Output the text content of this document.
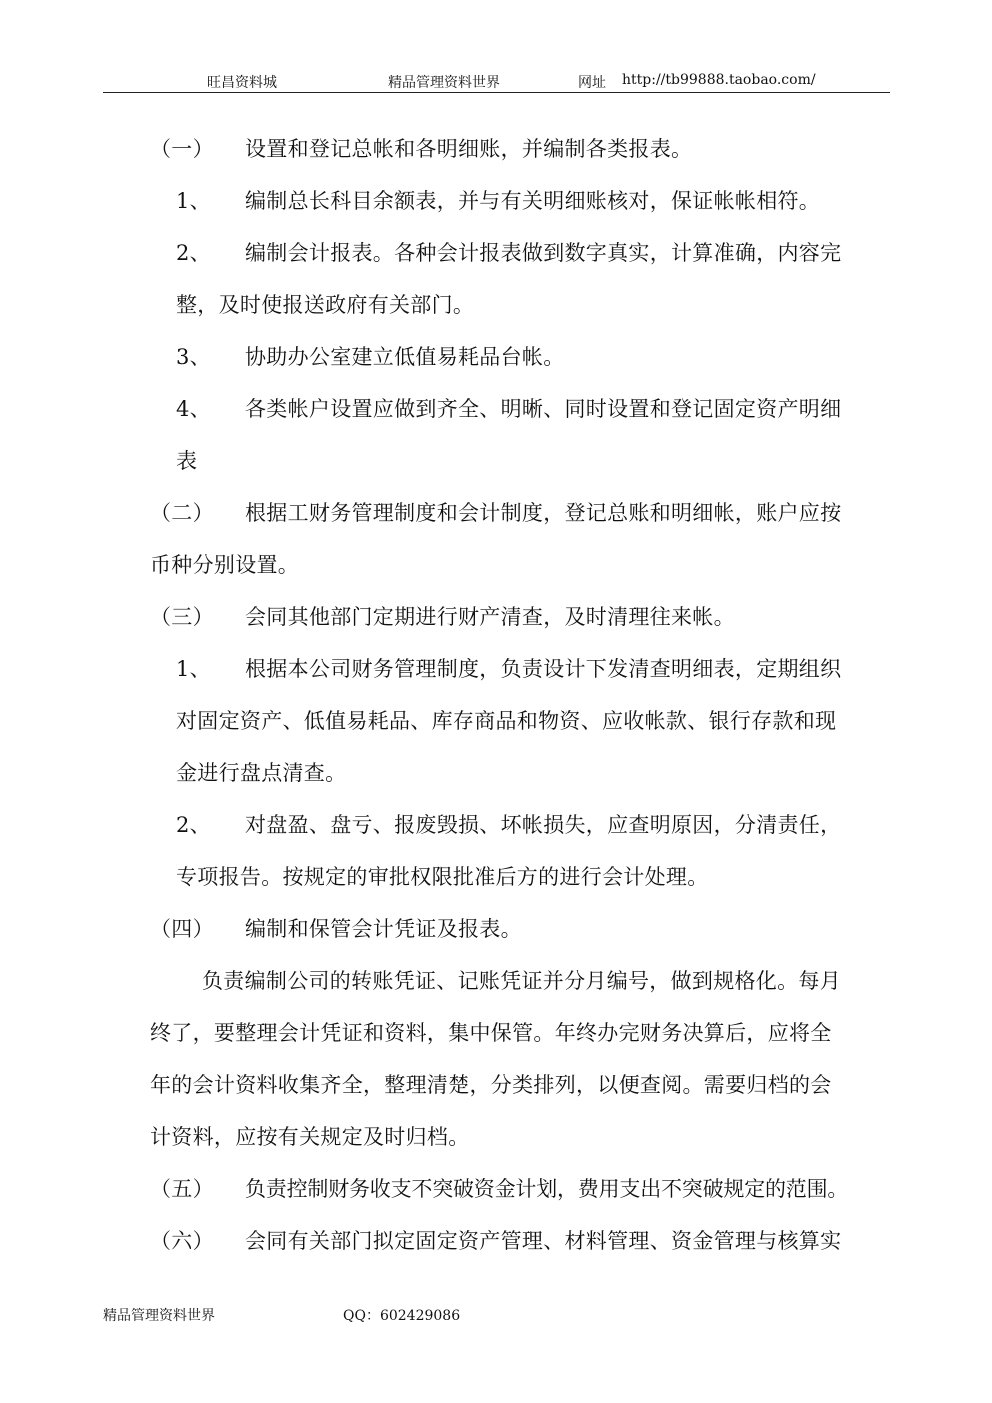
旺昌资料城	精品管理资料世界	网址 http://tb99888.taobao.com/
（一） 设置和登记总帐和各明细账，并编制各类报表。
1、 编制总长科目余额表，并与有关明细账核对，保证帐帐相符。
2、 编制会计报表。各种会计报表做到数字真实，计算准确，内容完
整，及时使报送政府有关部门。
3、 协助办公室建立低值易耗品台帐。
4、 各类帐户设置应做到齐全、明晰、同时设置和登记固定资产明细
表
（二） 根据工财务管理制度和会计制度，登记总账和明细帐，账户应按
币种分别设置。
（三） 会同其他部门定期进行财产清查，及时清理往来帐。
1、 根据本公司财务管理制度，负责设计下发清查明细表，定期组织
对固定资产、低值易耗品、库存商品和物资、应收帐款、银行存款和现
金进行盘点清查。
2、 对盘盈、盘亏、报废毁损、坏帐损失，应查明原因，分清责任，
专项报告。按规定的审批权限批准后方的进行会计处理。
（四） 编制和保管会计凭证及报表。
负责编制公司的转账凭证、记账凭证并分月编号，做到规格化。每月
终了，要整理会计凭证和资料，集中保管。年终办完财务决算后，应将全
年的会计资料收集齐全，整理清楚，分类排列，以便查阅。需要归档的会
计资料，应按有关规定及时归档。
（五） 负责控制财务收支不突破资金计划，费用支出不突破规定的范围。
（六） 会同有关部门拟定固定资产管理、材料管理、资金管理与核算实
精品管理资料世界	QQ：602429086
